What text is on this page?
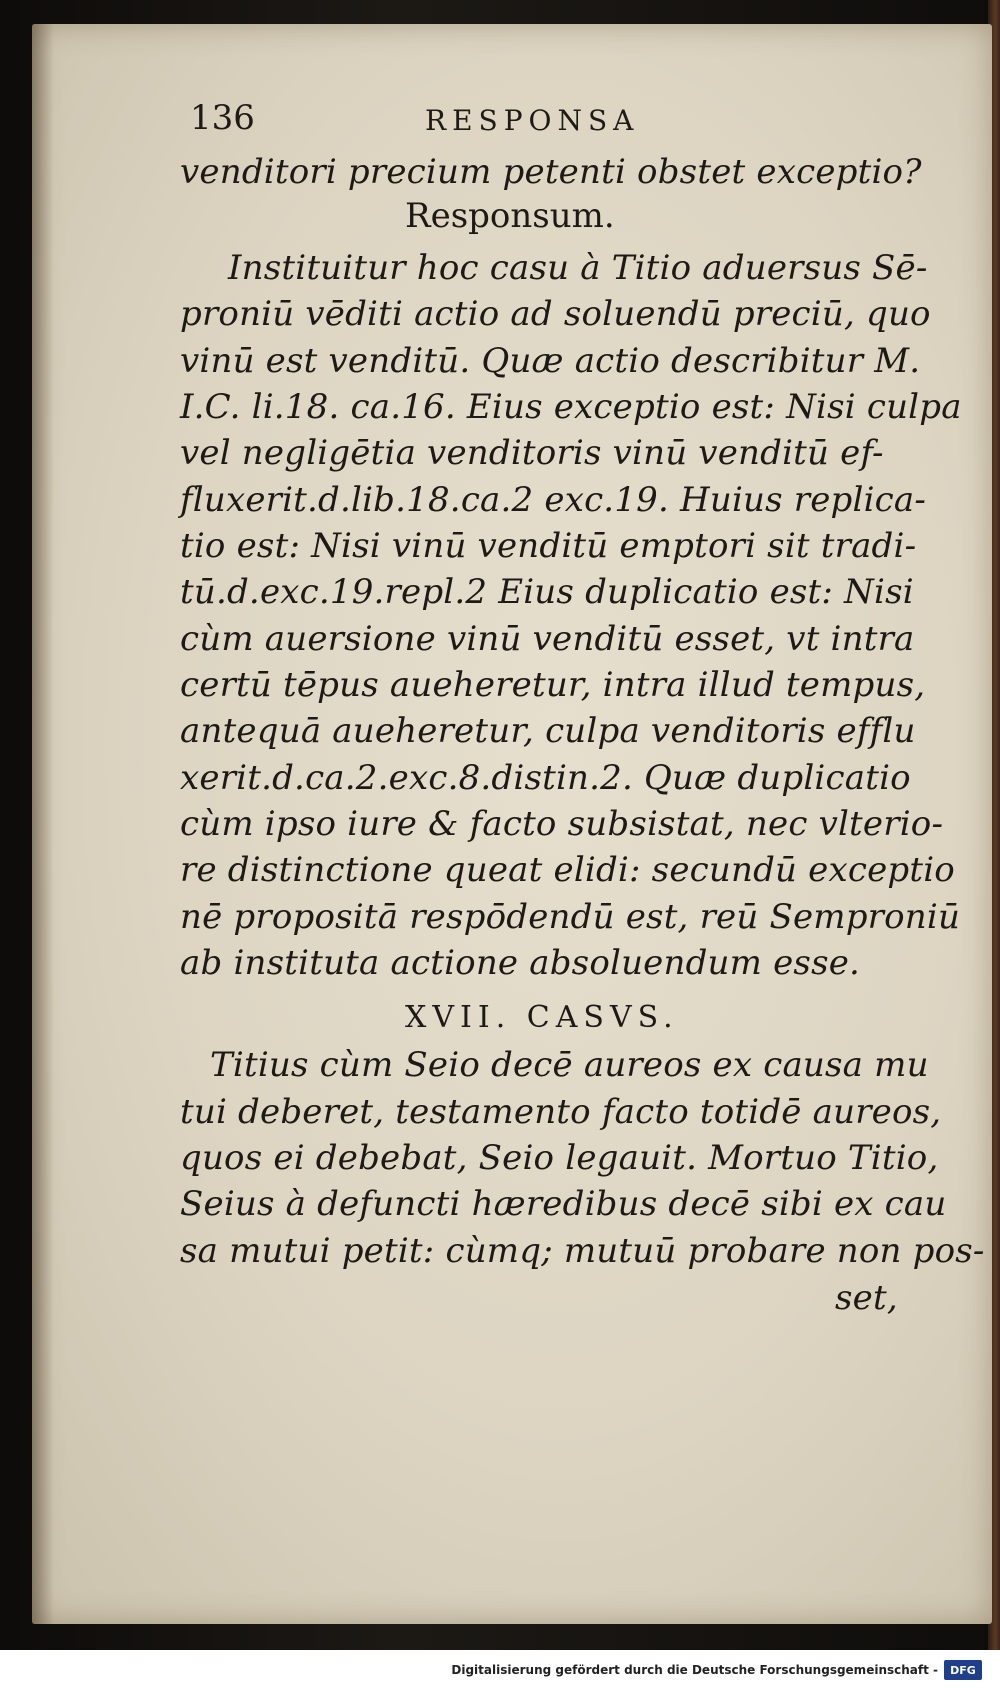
136	RESPONSA
venditori precium petenti obstet exceptio?
Responsum.
Instituitur hoc casu à Titio aduersus Sē-
proniū vēditi actio ad soluendū preciū, quo
vinū est venditū. Quæ actio describitur M.
I.C. li.18. ca.16. Eius exceptio est: Nisi culpa
vel negligētia venditoris vinū venditū ef-
fluxerit.d.lib.18.ca.2 exc.19. Huius replica-
tio est: Nisi vinū venditū emptori sit tradi-
tū.d.exc.19.repl.2 Eius duplicatio est: Nisi
cùm auersione vinū venditū esset, vt intra
certū tēpus aueheretur, intra illud tempus,
antequā aueheretur, culpa venditoris efflu
xerit.d.ca.2.exc.8.distin.2. Quæ duplicatio
cùm ipso iure & facto subsistat, nec vlterio-
re distinctione queat elidi: secundū exceptio
nē propositā respōdendū est, reū Semproniū
ab instituta actione absoluendum esse.
XVII. CASVS.
Titius cùm Seio decē aureos ex causa mu
tui deberet, testamento facto totidē aureos,
quos ei debebat, Seio legauit. Mortuo Titio,
Seius à defuncti hæredibus decē sibi ex cau
sa mutui petit: cùmq; mutuū probare non pos-
set,
Digitalisierung gefördert durch die Deutsche Forschungsgemeinschaft -	DFG
